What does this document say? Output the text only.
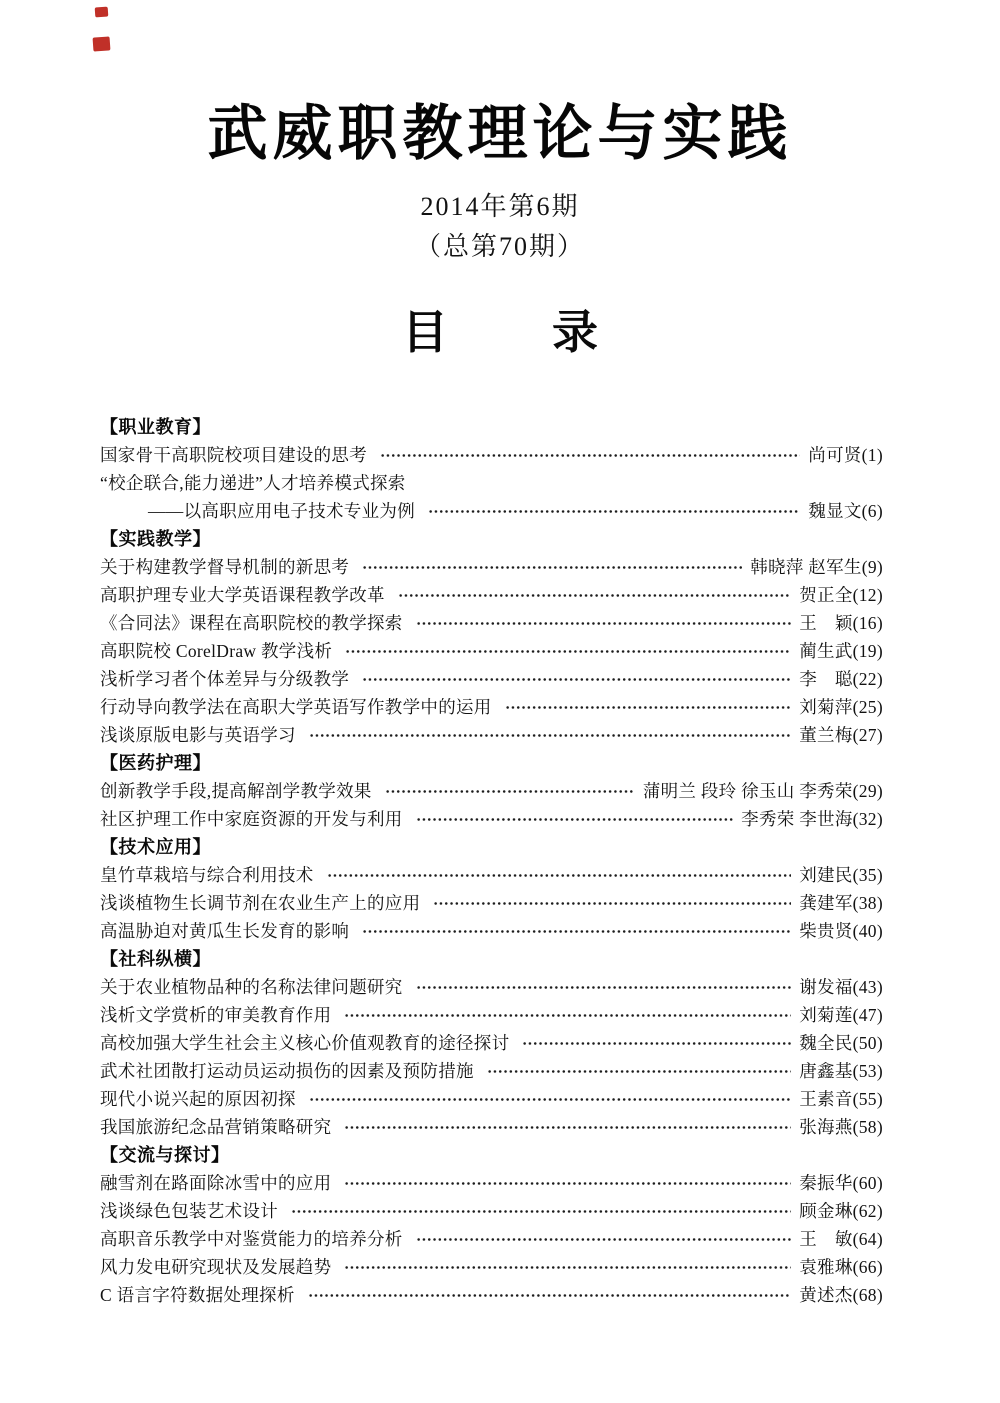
武威职教理论与实践
2014年第6期
（总第70期）
目 录
【职业教育】
国家骨干高职院校项目建设的思考	尚可贤(1)
“校企联合,能力递进”人才培养模式探索
——以高职应用电子技术专业为例	魏显文(6)
【实践教学】
关于构建教学督导机制的新思考	韩晓萍 赵军生(9)
高职护理专业大学英语课程教学改革	贺正全(12)
《合同法》课程在高职院校的教学探索	王　颖(16)
高职院校 CorelDraw 教学浅析	蔺生武(19)
浅析学习者个体差异与分级教学	李　聪(22)
行动导向教学法在高职大学英语写作教学中的运用	刘菊萍(25)
浅谈原版电影与英语学习	董兰梅(27)
【医药护理】
创新教学手段,提高解剖学教学效果	蒲明兰 段玲 徐玉山 李秀荣(29)
社区护理工作中家庭资源的开发与利用	李秀荣 李世海(32)
【技术应用】
皇竹草栽培与综合利用技术	刘建民(35)
浅谈植物生长调节剂在农业生产上的应用	龚建军(38)
高温胁迫对黄瓜生长发育的影响	柴贵贤(40)
【社科纵横】
关于农业植物品种的名称法律问题研究	谢发福(43)
浅析文学赏析的审美教育作用	刘菊莲(47)
高校加强大学生社会主义核心价值观教育的途径探讨	魏全民(50)
武术社团散打运动员运动损伤的因素及预防措施	唐鑫基(53)
现代小说兴起的原因初探	王素音(55)
我国旅游纪念品营销策略研究	张海燕(58)
【交流与探讨】
融雪剂在路面除冰雪中的应用	秦振华(60)
浅谈绿色包装艺术设计	顾金琳(62)
高职音乐教学中对鉴赏能力的培养分析	王　敏(64)
风力发电研究现状及发展趋势	袁雅琳(66)
C 语言字符数据处理探析	黄述杰(68)
